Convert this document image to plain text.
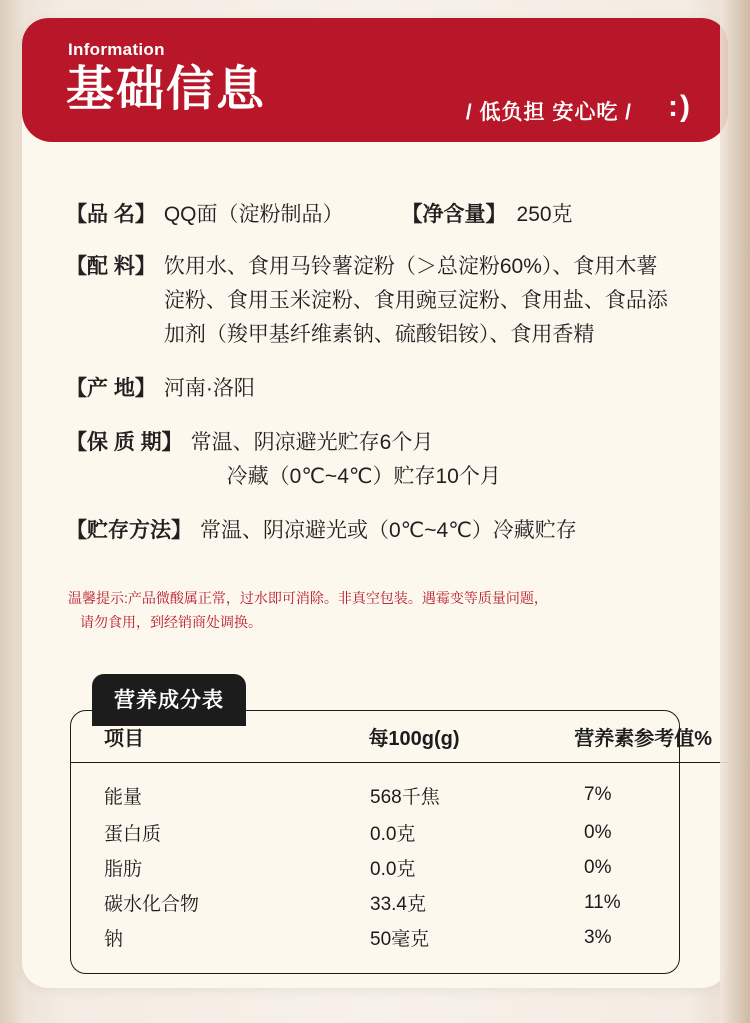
Information
基础信息	/ 低负担 安心吃 / :)
【品 名】 QQ面（淀粉制品）	【净含量】 250克
【配 料】 饮用水、食用马铃薯淀粉（＞总淀粉60%）、食用木薯
淀粉、食用玉米淀粉、食用豌豆淀粉、食用盐、食品添
加剂（羧甲基纤维素钠、硫酸铝铵）、食用香精
【产 地】 河南·洛阳
【保 质 期】 常温、阴凉避光贮存6个月
冷藏（0℃~4℃）贮存10个月
【贮存方法】 常温、阴凉避光或（0℃~4℃）冷藏贮存
温馨提示:产品微酸属正常，过水即可消除。非真空包装。遇霉变等质量问题，
请勿食用，到经销商处调换。
营养成分表
项目	每100g(g)	营养素参考值%
能量	568千焦	7%
蛋白质	0.0克	0%
脂肪	0.0克	0%
碳水化合物	33.4克	11%
钠	50毫克	3%
